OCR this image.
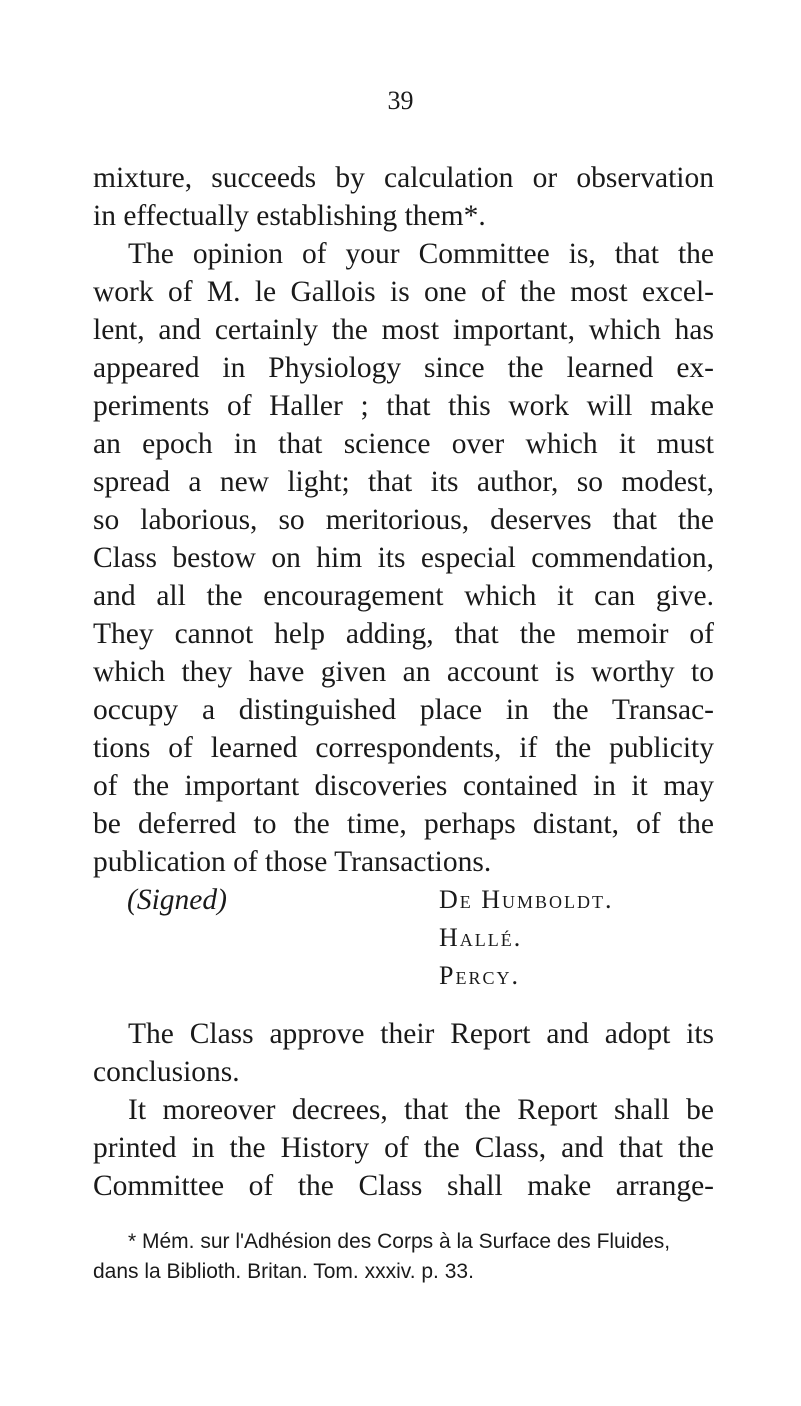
39
mixture, succeeds by calculation or observation
in effectually establishing them*.
The opinion of your Committee is, that the
work of M. le Gallois is one of the most excel-
lent, and certainly the most important, which has
appeared in Physiology since the learned ex-
periments of Haller ; that this work will make
an epoch in that science over which it must
spread a new light; that its author, so modest,
so laborious, so meritorious, deserves that the
Class bestow on him its especial commendation,
and all the encouragement which it can give.
They cannot help adding, that the memoir of
which they have given an account is worthy to
occupy a distinguished place in the Transac-
tions of learned correspondents, if the publicity
of the important discoveries contained in it may
be deferred to the time, perhaps distant, of the
publication of those Transactions.
(Signed)	De Humboldt.
Hallé.
Percy.
The Class approve their Report and adopt its
conclusions.
It moreover decrees, that the Report shall be
printed in the History of the Class, and that the
Committee of the Class shall make arrange-
* Mém. sur l'Adhésion des Corps à la Surface des Fluides,
dans la Biblioth. Britan. Tom. xxxiv. p. 33.
